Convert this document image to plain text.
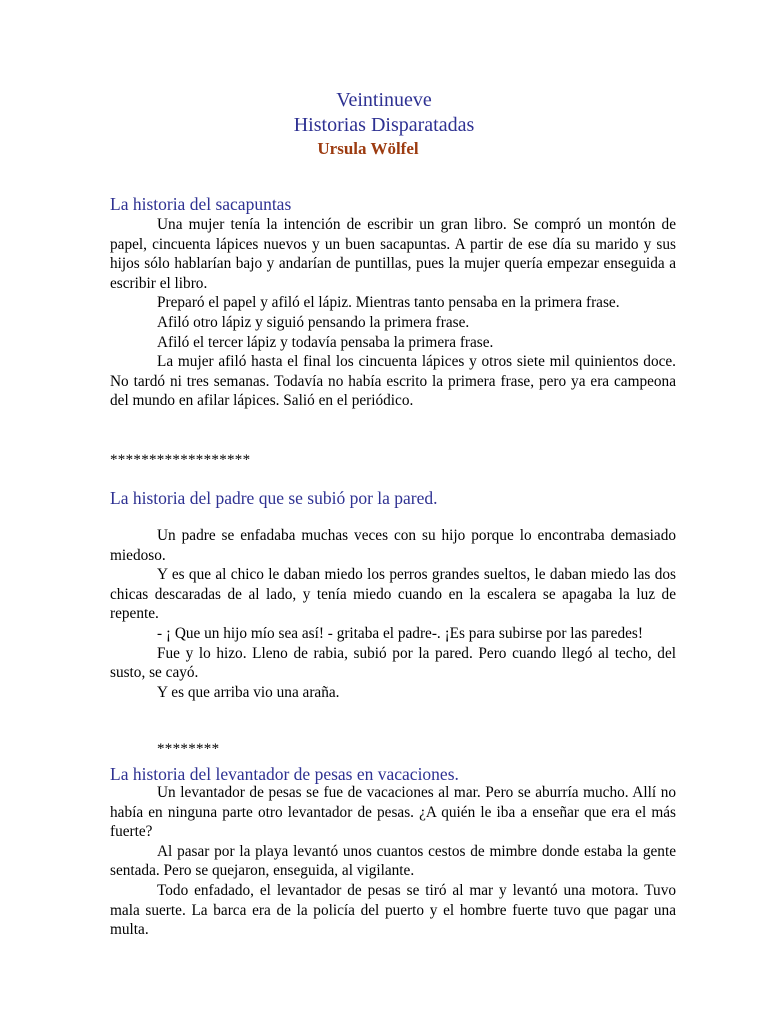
Veintinueve
Historias Disparatadas
Ursula Wölfel
La historia del sacapuntas

Una mujer tenía la intención de escribir un gran libro. Se compró un montón de papel, cincuenta lápices nuevos y un buen sacapuntas. A partir de ese día su marido y sus hijos sólo hablarían bajo y andarían de puntillas, pues la mujer quería empezar enseguida a escribir el libro.

Preparó el papel y afiló el lápiz. Mientras tanto pensaba en la primera frase.

Afiló otro lápiz y siguió pensando la primera frase.

Afiló el tercer lápiz y todavía pensaba la primera frase.

La mujer afiló hasta el final los cincuenta lápices y otros siete mil quinientos doce. No tardó ni tres semanas. Todavía no había escrito la primera frase, pero ya era campeona del mundo en afilar lápices. Salió en el periódico.

******************
La historia del padre que se subió por la pared.

Un padre se enfadaba muchas veces con su hijo porque lo encontraba demasiado miedoso.

Y es que al chico le daban miedo los perros grandes sueltos, le daban miedo las dos chicas descaradas de al lado, y tenía miedo cuando en la escalera se apagaba la luz de repente.

- ¡ Que un hijo mío sea así! - gritaba el padre-. ¡Es para subirse por las paredes!

Fue y lo hizo. Lleno de rabia, subió por la pared. Pero cuando llegó al techo, del susto, se cayó.

Y es que arriba vio una araña.

********
La historia del levantador de pesas en vacaciones.

Un levantador de pesas se fue de vacaciones al mar. Pero se aburría mucho. Allí no había en ninguna parte otro levantador de pesas. ¿A quién le iba a enseñar que era el más fuerte?

Al pasar por la playa levantó unos cuantos cestos de mimbre donde estaba la gente sentada. Pero se quejaron, enseguida, al vigilante.

Todo enfadado, el levantador de pesas se tiró al mar y levantó una motora. Tuvo mala suerte. La barca era de la policía del puerto y el hombre fuerte tuvo que pagar una multa.
